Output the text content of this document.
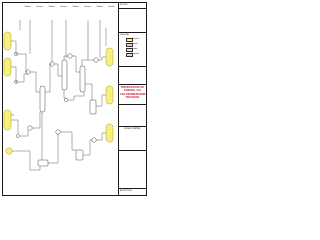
NOTES
LEGEND
Process
Steam
Water
Product
PRODUCTION OF PHENOL VIA CHLOROBENZENE PROCESS
Group / Authors
APPROVED
Stream	Stream	Stream	Stream	Stream	Stream	Stream	Stream
